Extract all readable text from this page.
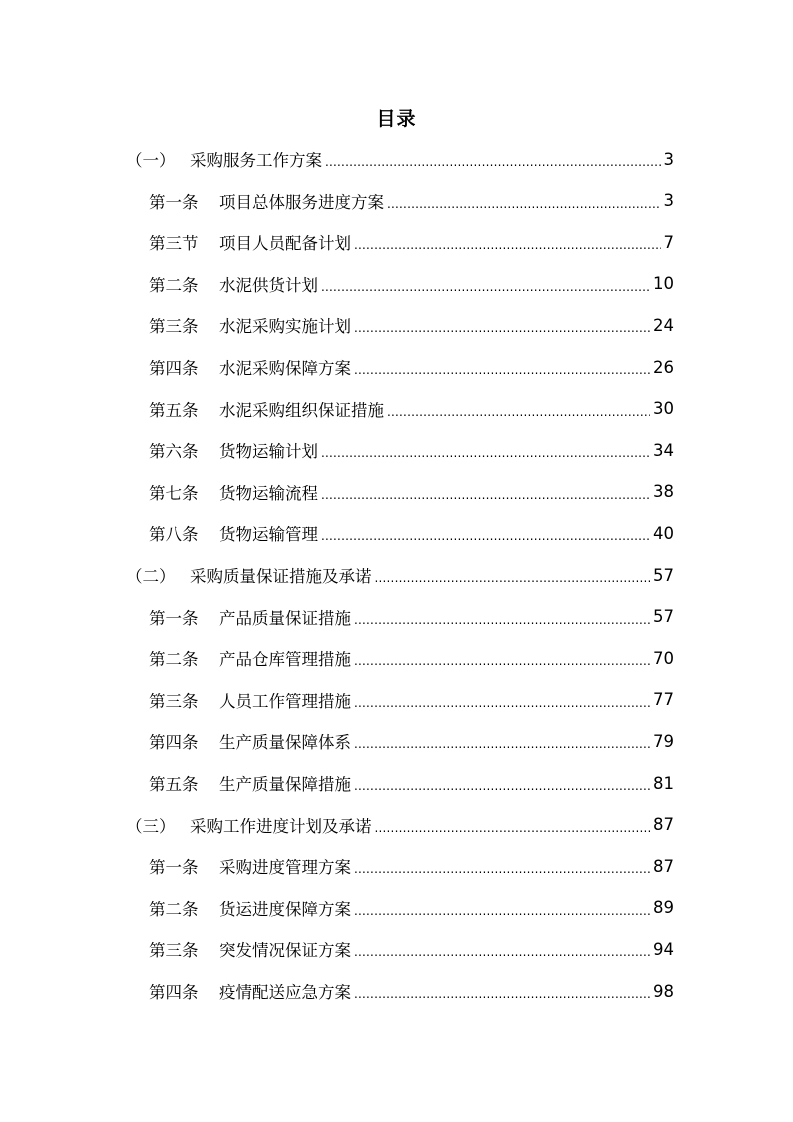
目录
（一） 采购服务工作方案 .....	3
第一条	项目总体服务进度方案 .....	3
第三节	项目人员配备计划 .....	7
第二条	水泥供货计划 .....	10
第三条	水泥采购实施计划 .....	24
第四条	水泥采购保障方案 .....	26
第五条	水泥采购组织保证措施 .....	30
第六条	货物运输计划 .....	34
第七条	货物运输流程 .....	38
第八条	货物运输管理 .....	40
（二） 采购质量保证措施及承诺 .....	57
第一条	产品质量保证措施 .....	57
第二条	产品仓库管理措施 .....	70
第三条	人员工作管理措施 .....	77
第四条	生产质量保障体系 .....	79
第五条	生产质量保障措施 .....	81
（三） 采购工作进度计划及承诺 .....	87
第一条	采购进度管理方案 .....	87
第二条	货运进度保障方案 .....	89
第三条	突发情况保证方案 .....	94
第四条	疫情配送应急方案 .....	98
